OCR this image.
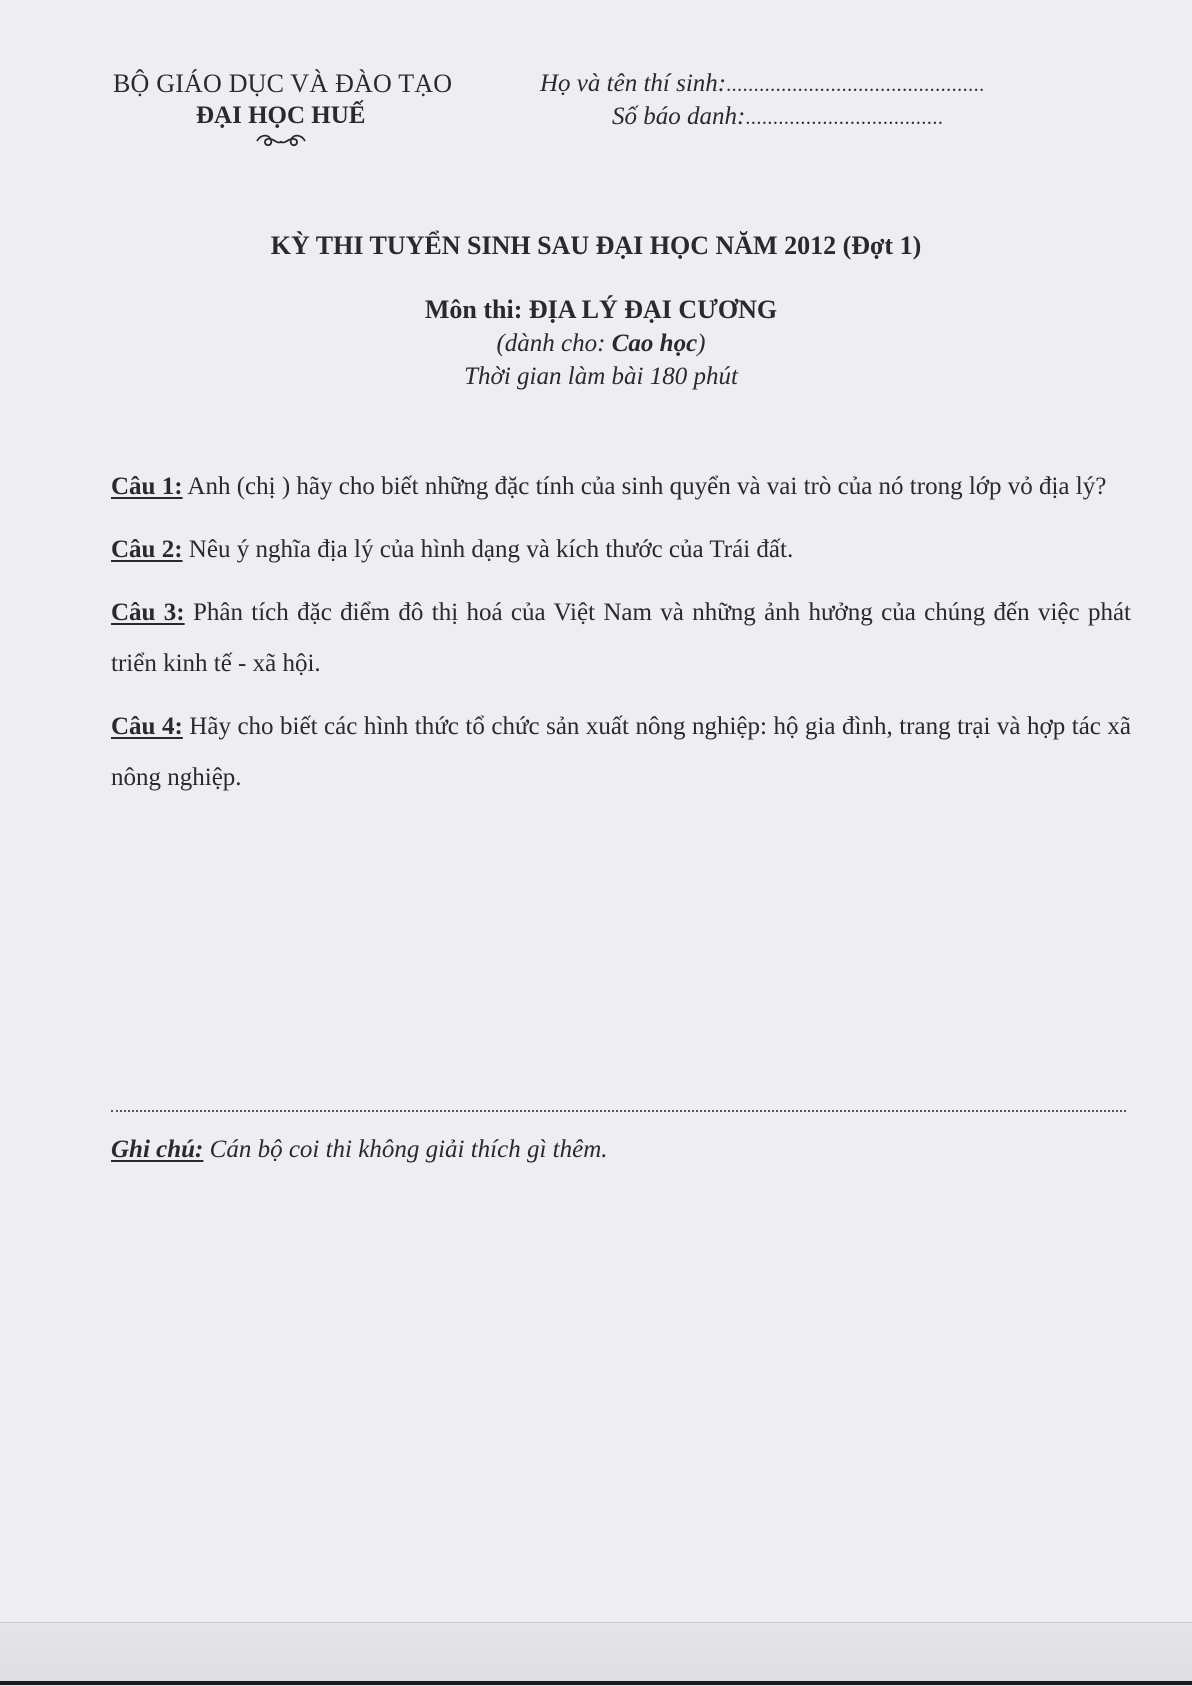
BỘ GIÁO DỤC VÀ ĐÀO TẠO
ĐẠI HỌC HUẾ
Họ và tên thí sinh:...............................................
Số báo danh:....................................
KỲ THI TUYỂN SINH SAU ĐẠI HỌC NĂM 2012 (Đợt 1)
Môn thi: ĐỊA LÝ ĐẠI CƯƠNG
(dành cho: Cao học)
Thời gian làm bài 180 phút

Câu 1: Anh (chị ) hãy cho biết những đặc tính của sinh quyển và vai trò của nó trong lớp vỏ địa lý?

Câu 2: Nêu ý nghĩa địa lý của hình dạng và kích thước của Trái đất.

Câu 3: Phân tích đặc điểm đô thị hoá của Việt Nam và những ảnh hưởng của chúng đến việc phát triển kinh tế - xã hội.

Câu 4: Hãy cho biết các hình thức tổ chức sản xuất nông nghiệp: hộ gia đình, trang trại và hợp tác xã nông nghiệp.

Ghi chú: Cán bộ coi thi không giải thích gì thêm.
